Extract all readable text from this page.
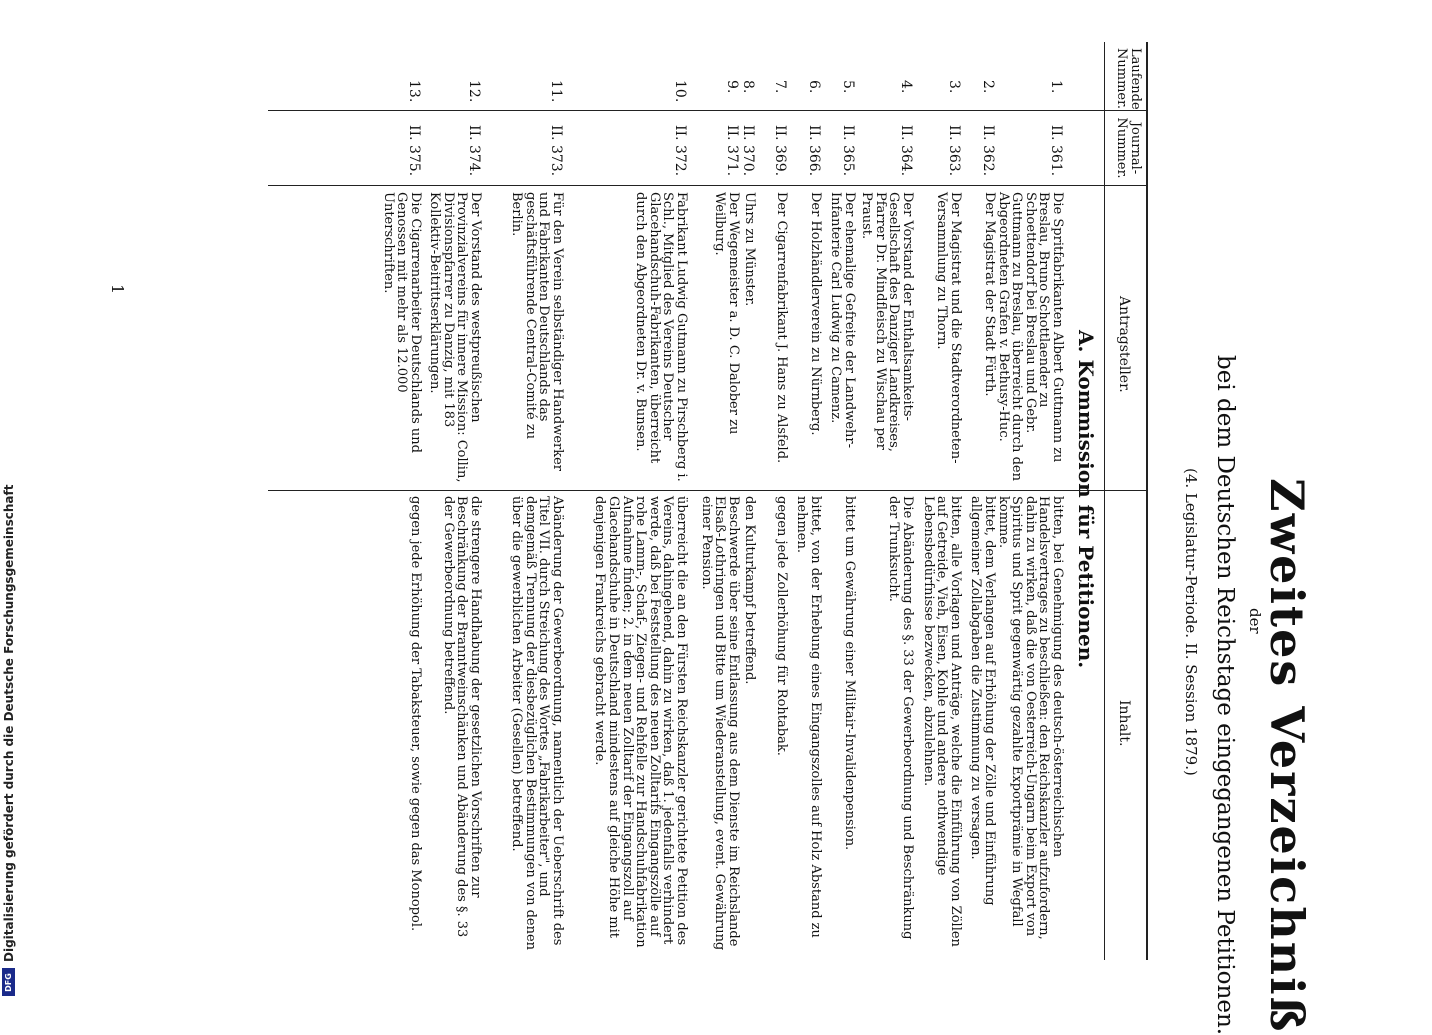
Zweites Verzeichniß
der
bei dem Deutschen Reichstage eingegangenen Petitionen.
(4. Legislatur-Periode. II. Session 1879.)
Laufende Nummer.
Journal- Nummer.
Antragsteller.
Inhalt.
A. Kommission für Petitionen.
1.
II. 361.
Die Spritfabrikanten Albert Guttmann zu Breslau, Bruno Schottlaender zu Schoettendorf bei Breslau und Gebr. Guttmann zu Breslau, überreicht durch den Abgeordneten Grafen v. Bethusy-Huc.
bitten, bei Genehmigung des deutsch-österreichischen Handelsvertrages zu beschließen: den Reichskanzler aufzufordern, dahin zu wirken, daß die von Oesterreich-Ungarn beim Export von Spiritus und Sprit gegenwärtig gezahlte Exportprämie in Wegfall komme.
2.
II. 362.
Der Magistrat der Stadt Fürth.
bittet, dem Verlangen auf Erhöhung der Zölle und Einführung allgemeiner Zollabgaben die Zustimmung zu versagen.
3.
II. 363.
Der Magistrat und die Stadtverordneten-Versammlung zu Thorn.
bitten, alle Vorlagen und Anträge, welche die Einführung von Zöllen auf Getreide, Vieh, Eisen, Kohle und andere nothwendige Lebensbedürfnisse bezwecken, abzulehnen.
4.
II. 364.
Der Vorstand der Enthaltsamkeits-Gesellschaft des Danziger Landkreises, Pfarrer Dr. Mindfleisch zu Wischau per Praust.
Die Abänderung des §. 33 der Gewerbeordnung und Beschränkung der Trunksucht.
5.
II. 365.
Der ehemalige Gefreite der Landwehr-Infanterie Carl Ludwig zu Camenz.
bittet um Gewährung einer Militair-Invalidenpension.
6.
II. 366.
Der Holzhändlerverein zu Nürnberg.
bittet, von der Erhebung eines Eingangszolles auf Holz Abstand zu nehmen.
7.
II. 369.
Der Cigarrenfabrikant J. Hans zu Alsfeld.
gegen jede Zollerhöhung für Rohtabak.
8.
II. 370.
Uhrs zu Münster.
den Kulturkampf betreffend.
9.
II. 371.
Der Wegemeister a. D. C. Dalober zu Weilburg.
Beschwerde über seine Entlassung aus dem Dienste im Reichslande Elsaß-Lothringen und Bitte um Wiederanstellung, event. Gewährung einer Pension.
10.
II. 372.
Fabrikant Ludwig Gutmann zu Pirschberg i. Schl., Mitglied des Vereins Deutscher Glacehandschuh-Fabrikanten, überreicht durch den Abgeordneten Dr. v. Bunsen.
überreicht die an den Fürsten Reichskanzler gerichtete Petition des Vereins, dahingehend, dahin zu wirken, daß 1. jedenfalls verhindert werde, daß bei Feststellung des neuen Zolltarifs Eingangszölle auf rohe Lamm-, Schaf-, Ziegen- und Rehfelle zur Handschuhfabrikation Aufnahme finden; 2. in dem neuen Zolltarif der Eingangszoll auf Glacehandschuhe in Deutschland mindestens auf gleiche Höhe mit denjenigen Frankreichs gebracht werde.
11.
II. 373.
Für den Verein selbständiger Handwerker und Fabrikanten Deutschlands das geschäftsführende Central-Comité zu Berlin.
Abänderung der Gewerbeordnung, namentlich der Ueberschrift des Titel VII. durch Streichung des Wortes „Fabrikarbeiter", und demgemäß Trennung der diesbezüglichen Bestimmungen von denen über die gewerblichen Arbeiter (Gesellen) betreffend.
12.
II. 374.
Der Vorstand des westpreußischen Provinzialvereins für innere Mission: Collin, Divisionspfarrer zu Danzig, mit 183 Kollektiv-Beitrittserklärungen.
die strengere Handhabung der gesetzlichen Vorschriften zur Beschränkung der Branntweinschänken und Abänderung des §. 33 der Gewerbeordnung betreffend.
13.
II. 375.
Die Cigarrenarbeiter Deutschlands und Genossen mit mehr als 12.000 Unterschriften.
gegen jede Erhöhung der Tabaksteuer, sowie gegen das Monopol.
1
Digitalisierung gefördert durch die Deutsche Forschungsgemeinschaft
DFG
